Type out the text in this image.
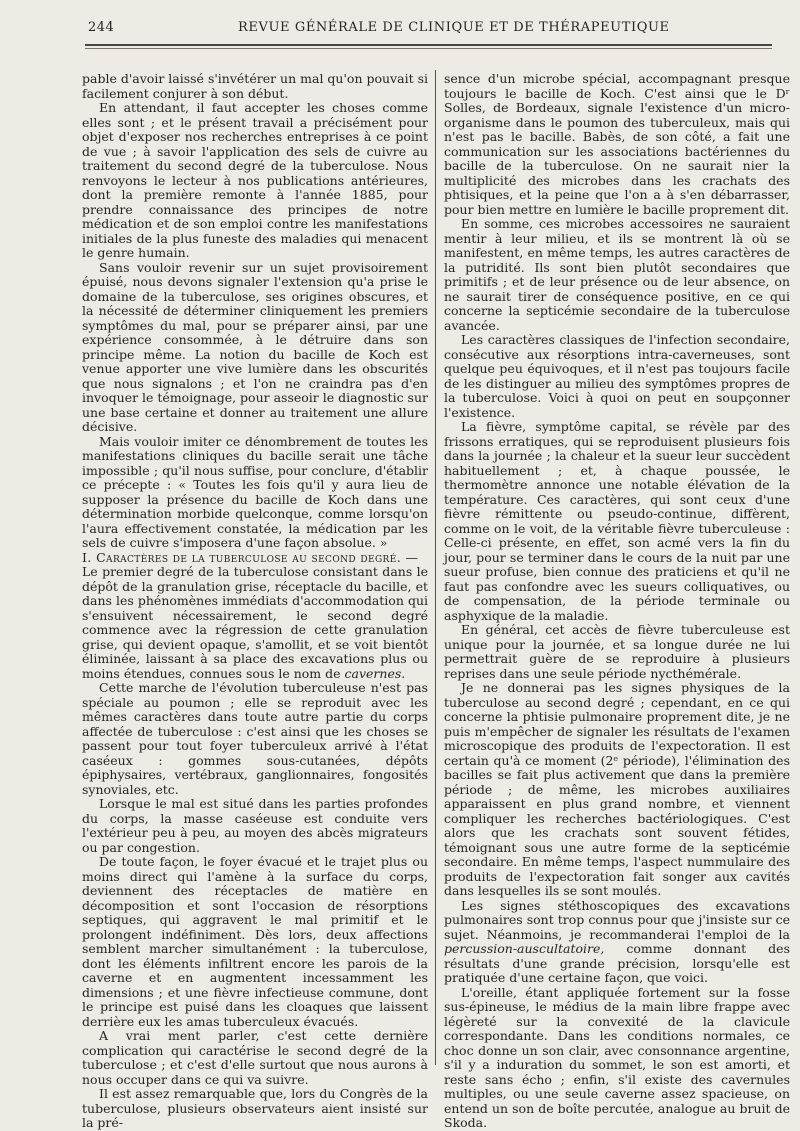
244	REVUE GÉNÉRALE DE CLINIQUE ET DE THÉRAPEUTIQUE

pable d'avoir laissé s'invétérer un mal qu'on pouvait si facilement conjurer à son début.

En attendant, il faut accepter les choses comme elles sont ; et le présent travail a précisément pour objet d'exposer nos recherches entreprises à ce point de vue ; à savoir l'application des sels de cuivre au traitement du second degré de la tuberculose. Nous renvoyons le lecteur à nos publications antérieures, dont la première remonte à l'année 1885, pour prendre connaissance des principes de notre médication et de son emploi contre les manifestations initiales de la plus funeste des maladies qui menacent le genre humain.

Sans vouloir revenir sur un sujet provisoirement épuisé, nous devons signaler l'extension qu'a prise le domaine de la tuberculose, ses origines obscures, et la nécessité de déterminer cliniquement les premiers symptômes du mal, pour se préparer ainsi, par une expérience consommée, à le détruire dans son principe même. La notion du bacille de Koch est venue apporter une vive lumière dans les obscurités que nous signalons ; et l'on ne craindra pas d'en invoquer le témoignage, pour asseoir le diagnostic sur une base certaine et donner au traitement une allure décisive.

Mais vouloir imiter ce dénombrement de toutes les manifestations cliniques du bacille serait une tâche impossible ; qu'il nous suffise, pour conclure, d'établir ce précepte : « Toutes les fois qu'il y aura lieu de supposer la présence du bacille de Koch dans une détermination morbide quelconque, comme lorsqu'on l'aura effectivement constatée, la médication par les sels de cuivre s'imposera d'une façon absolue. »

I. Caractères de la tuberculose au second degré. —

Le premier degré de la tuberculose consistant dans le dépôt de la granulation grise, réceptacle du bacille, et dans les phénomènes immédiats d'accommodation qui s'ensuivent nécessairement, le second degré commence avec la régression de cette granulation grise, qui devient opaque, s'amollit, et se voit bientôt éliminée, laissant à sa place des excavations plus ou moins étendues, connues sous le nom de cavernes.

Cette marche de l'évolution tuberculeuse n'est pas spéciale au poumon ; elle se reproduit avec les mêmes caractères dans toute autre partie du corps affectée de tuberculose : c'est ainsi que les choses se passent pour tout foyer tuberculeux arrivé à l'état caséeux : gommes sous-cutanées, dépôts épiphysaires, vertébraux, ganglionnaires, fongosités synoviales, etc.

Lorsque le mal est situé dans les parties profondes du corps, la masse caséeuse est conduite vers l'extérieur peu à peu, au moyen des abcès migrateurs ou par congestion.

De toute façon, le foyer évacué et le trajet plus ou moins direct qui l'amène à la surface du corps, deviennent des réceptacles de matière en décomposition et sont l'occasion de résorptions septiques, qui aggravent le mal primitif et le prolongent indéfiniment. Dès lors, deux affections semblent marcher simultanément : la tuberculose, dont les éléments infiltrent encore les parois de la caverne et en augmentent incessamment les dimensions ; et une fièvre infectieuse commune, dont le principe est puisé dans les cloaques que laissent derrière eux les amas tuberculeux évacués.

A vrai ment parler, c'est cette dernière complication qui caractérise le second degré de la tuberculose ; et c'est d'elle surtout que nous aurons à nous occuper dans ce qui va suivre.

Il est assez remarquable que, lors du Congrès de la tuberculose, plusieurs observateurs aient insisté sur la pré-

sence d'un microbe spécial, accompagnant presque toujours le bacille de Koch. C'est ainsi que le Dʳ Solles, de Bordeaux, signale l'existence d'un micro-organisme dans le poumon des tuberculeux, mais qui n'est pas le bacille. Babès, de son côté, a fait une communication sur les associations bactériennes du bacille de la tuberculose. On ne saurait nier la multiplicité des microbes dans les crachats des phtisiques, et la peine que l'on a à s'en débarrasser, pour bien mettre en lumière le bacille proprement dit.

En somme, ces microbes accessoires ne sauraient mentir à leur milieu, et ils se montrent là où se manifestent, en même temps, les autres caractères de la putridité. Ils sont bien plutôt secondaires que primitifs ; et de leur présence ou de leur absence, on ne saurait tirer de conséquence positive, en ce qui concerne la septicémie secondaire de la tuberculose avancée.

Les caractères classiques de l'infection secondaire, consécutive aux résorptions intra-caverneuses, sont quelque peu équivoques, et il n'est pas toujours facile de les distinguer au milieu des symptômes propres de la tuberculose. Voici à quoi on peut en soupçonner l'existence.

La fièvre, symptôme capital, se révèle par des frissons erratiques, qui se reproduisent plusieurs fois dans la journée ; la chaleur et la sueur leur succèdent habituellement ; et, à chaque poussée, le thermomètre annonce une notable élévation de la température. Ces caractères, qui sont ceux d'une fièvre rémittente ou pseudo-continue, diffèrent, comme on le voit, de la véritable fièvre tuberculeuse : Celle-ci présente, en effet, son acmé vers la fin du jour, pour se terminer dans le cours de la nuit par une sueur profuse, bien connue des praticiens et qu'il ne faut pas confondre avec les sueurs colliquatives, ou de compensation, de la période terminale ou asphyxique de la maladie.

En général, cet accès de fièvre tuberculeuse est unique pour la journée, et sa longue durée ne lui permettrait guère de se reproduire à plusieurs reprises dans une seule période nycthémérale.

Je ne donnerai pas les signes physiques de la tuberculose au second degré ; cependant, en ce qui concerne la phtisie pulmonaire proprement dite, je ne puis m'empêcher de signaler les résultats de l'examen microscopique des produits de l'expectoration. Il est certain qu'à ce moment (2ᵉ période), l'élimination des bacilles se fait plus activement que dans la première période ; de même, les microbes auxiliaires apparaissent en plus grand nombre, et viennent compliquer les recherches bactériologiques. C'est alors que les crachats sont souvent fétides, témoignant sous une autre forme de la septicémie secondaire. En même temps, l'aspect nummulaire des produits de l'expectoration fait songer aux cavités dans lesquelles ils se sont moulés.

Les signes stéthoscopiques des excavations pulmonaires sont trop connus pour que j'insiste sur ce sujet. Néanmoins, je recommanderai l'emploi de la percussion-auscultatoire, comme donnant des résultats d'une grande précision, lorsqu'elle est pratiquée d'une certaine façon, que voici.

L'oreille, étant appliquée fortement sur la fosse sus-épineuse, le médius de la main libre frappe avec légèreté sur la convexité de la clavicule correspondante. Dans les conditions normales, ce choc donne un son clair, avec consonnance argentine, s'il y a induration du sommet, le son est amorti, et reste sans écho ; enfin, s'il existe des cavernules multiples, ou une seule caverne assez spacieuse, on entend un son de boîte percutée, analogue au bruit de Skoda.
